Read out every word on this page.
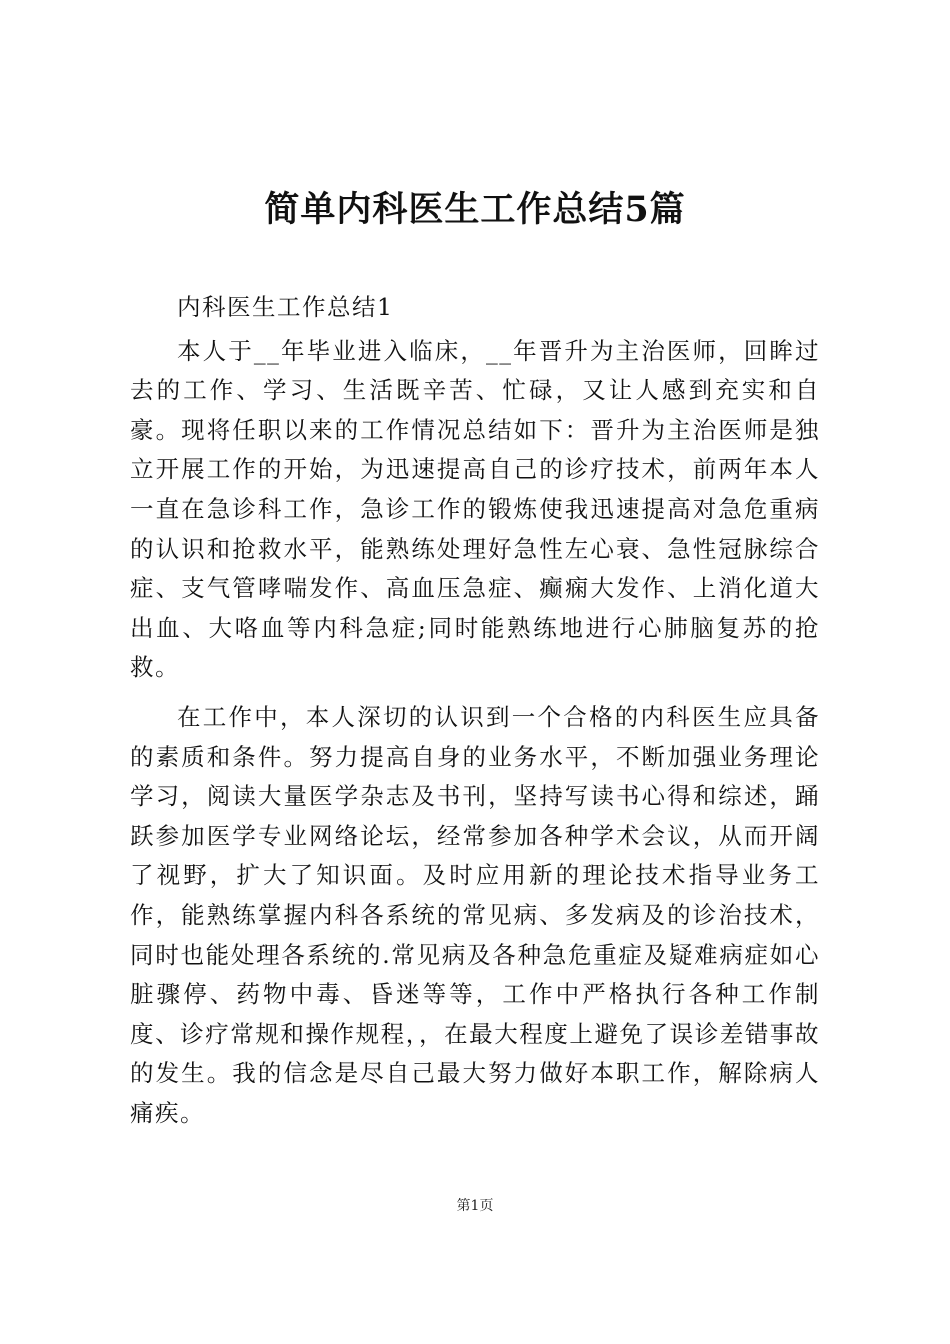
简单内科医生工作总结5篇

内科医生工作总结1

本人于__年毕业进入临床，__年晋升为主治医师，回眸过去的工作、学习、生活既辛苦、忙碌，又让人感到充实和自豪。现将任职以来的工作情况总结如下：晋升为主治医师是独立开展工作的开始，为迅速提高自己的诊疗技术，前两年本人一直在急诊科工作，急诊工作的锻炼使我迅速提高对急危重病的认识和抢救水平，能熟练处理好急性左心衰、急性冠脉综合症、支气管哮喘发作、高血压急症、癫痫大发作、上消化道大出血、大咯血等内科急症;同时能熟练地进行心肺脑复苏的抢救。

在工作中，本人深切的认识到一个合格的内科医生应具备的素质和条件。努力提高自身的业务水平，不断加强业务理论学习，阅读大量医学杂志及书刊，坚持写读书心得和综述，踊跃参加医学专业网络论坛，经常参加各种学术会议，从而开阔了视野，扩大了知识面。及时应用新的理论技术指导业务工作，能熟练掌握内科各系统的常见病、多发病及的诊治技术，同时也能处理各系统的.常见病及各种急危重症及疑难病症如心脏骤停、药物中毒、昏迷等等，工作中严格执行各种工作制度、诊疗常规和操作规程，，在最大程度上避免了误诊差错事故的发生。我的信念是尽自己最大努力做好本职工作，解除病人痛疾。

第1页
